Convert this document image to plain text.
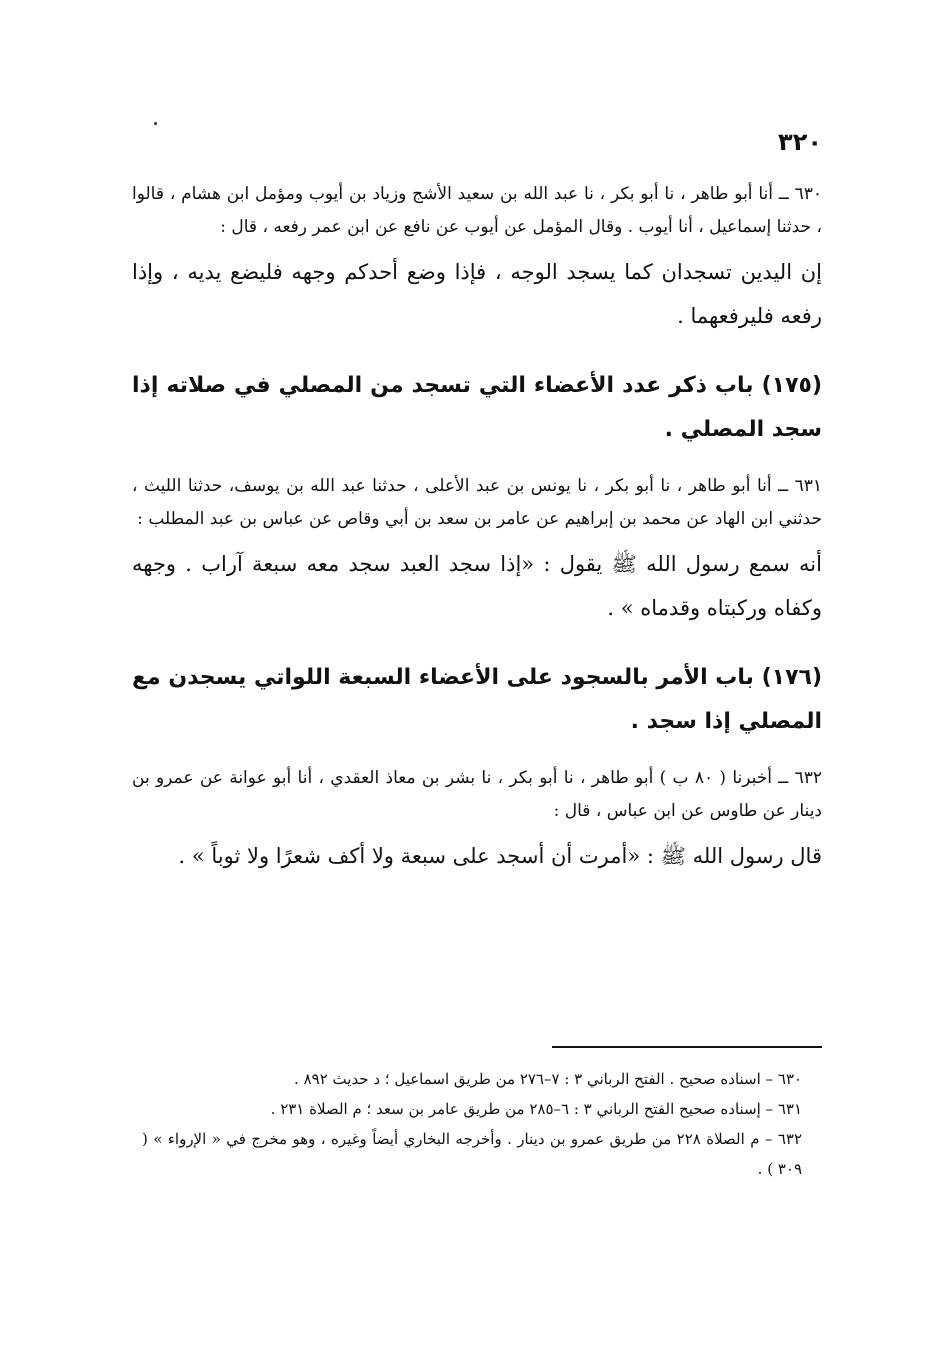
٣٢٠

٦٣٠ ــ أنا أبو طاهر ، نا أبو بكر ، نا عبد الله بن سعيد الأشج وزياد بن أيوب ومؤمل ابن هشام ، قالوا ، حدثنا إسماعيل ، أنا أيوب . وقال المؤمل عن أيوب عن نافع عن ابن عمر رفعه ، قال :

إن اليدين تسجدان كما يسجد الوجه ، فإذا وضع أحدكم وجهه فليضع يديه ، وإذا رفعه فليرفعهما .

(١٧٥) باب ذكر عدد الأعضاء التي تسجد من المصلي في صلاته إذا سجد المصلي .

٦٣١ ــ أنا أبو طاهر ، نا أبو بكر ، نا يونس بن عبد الأعلى ، حدثنا عبد الله بن يوسف، حدثنا الليث ، حدثني ابن الهاد عن محمد بن إبراهيم عن عامر بن سعد بن أبي وقاص عن عباس بن عبد المطلب :

أنه سمع رسول الله ﷺ يقول : «إذا سجد العبد سجد معه سبعة آراب . وجهه وكفاه وركبتاه وقدماه » .

(١٧٦) باب الأمر بالسجود على الأعضاء السبعة اللواتي يسجدن مع المصلي إذا سجد .

٦٣٢ ــ أخبرنا ( ٨٠ ب ) أبو طاهر ، نا أبو بكر ، نا بشر بن معاذ العقدي ، أنا أبو عوانة عن عمرو بن دينار عن طاوس عن ابن عباس ، قال :

قال رسول الله ﷺ : «أمرت أن أسجد على سبعة ولا أكف شعرًا ولا ثوباً » .

٦٣٠ – اسناده صحيح . الفتح الرباني ٣ : ٧–٢٧٦ من طريق اسماعيل ؛ د حديث ٨٩٢ .

٦٣١ – إسناده صحيح الفتح الرباني ٣ : ٦–٢٨٥ من طريق عامر بن سعد ؛ م الصلاة ٢٣١ .

٦٣٢ – م الصلاة ٢٢٨ من طريق عمرو بن دينار . وأخرجه البخاري أيضاً وغيره ، وهو مخرج في « الإرواء » ( ٣٠٩ ) .
